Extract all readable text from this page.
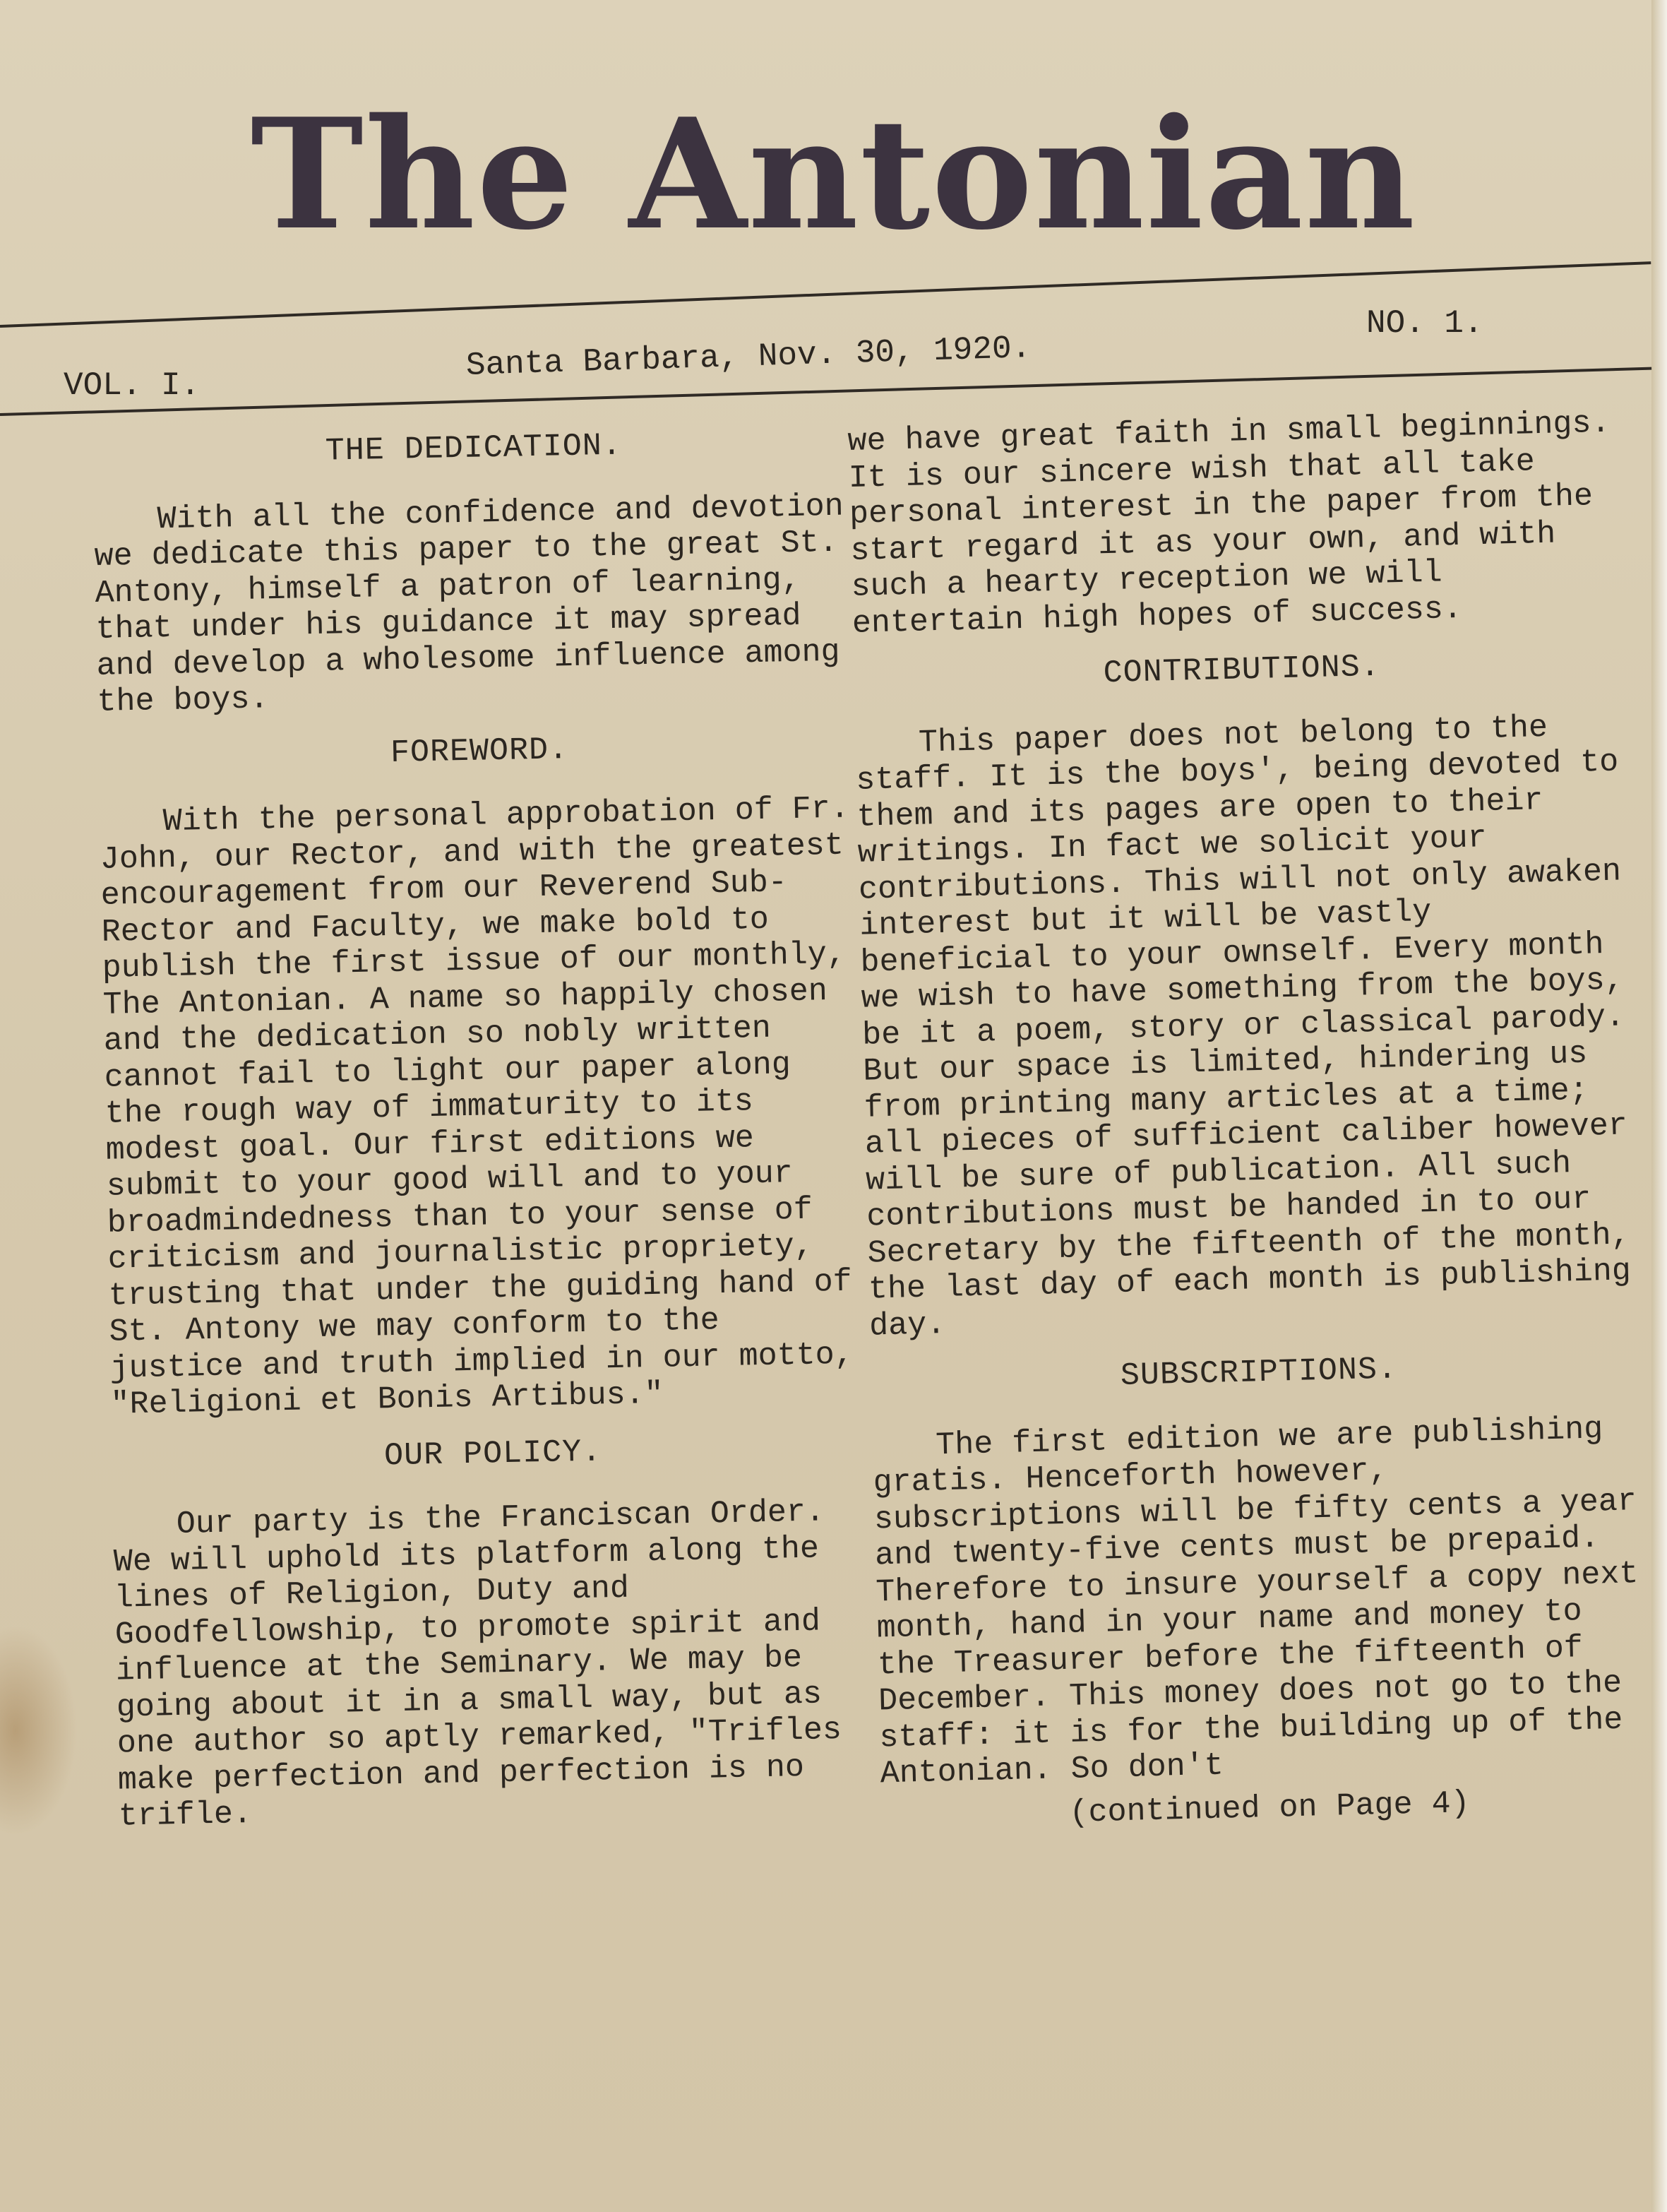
The Antonian
VOL. I.
Santa Barbara, Nov. 30, 1920.
NO. 1.
THE DEDICATION.

With all the confidence and devotion we dedicate this paper to the great St. Antony, himself a patron of learning, that under his guidance it may spread and develop a wholesome influence among the boys.

FOREWORD.

With the personal approbation of Fr. John, our Rector, and with the greatest encouragement from our Reverend Sub-Rector and Faculty, we make bold to publish the first issue of our monthly, The Antonian. A name so happily chosen and the dedication so nobly written cannot fail to light our paper along the rough way of immaturity to its modest goal. Our first editions we submit to your good will and to your broadmindedness than to your sense of criticism and journalistic propriety, trusting that under the guiding hand of St. Antony we may conform to the justice and truth implied in our motto, "Religioni et Bonis Artibus."

OUR POLICY.

Our party is the Franciscan Order. We will uphold its platform along the lines of Religion, Duty and Goodfellowship, to promote spirit and influence at the Seminary. We may be going about it in a small way, but as one author so aptly remarked, "Trifles make perfection and perfection is no trifle.

we have great faith in small beginnings. It is our sincere wish that all take personal interest in the paper from the start regard it as your own, and with such a hearty reception we will entertain high hopes of success.

CONTRIBUTIONS.

This paper does not belong to the staff. It is the boys', being devoted to them and its pages are open to their writings. In fact we solicit your contributions. This will not only awaken interest but it will be vastly beneficial to your ownself. Every month we wish to have something from the boys, be it a poem, story or classical parody. But our space is limited, hindering us from printing many articles at a time; all pieces of sufficient caliber however will be sure of publication. All such contributions must be handed in to our Secretary by the fifteenth of the month, the last day of each month is publishing day.

SUBSCRIPTIONS.

The first edition we are publishing gratis. Henceforth however, subscriptions will be fifty cents a year and twenty-five cents must be prepaid. Therefore to insure yourself a copy next month, hand in your name and money to the Treasurer before the fifteenth of December. This money does not go to the staff: it is for the building up of the Antonian. So don't

(continued on Page 4)
